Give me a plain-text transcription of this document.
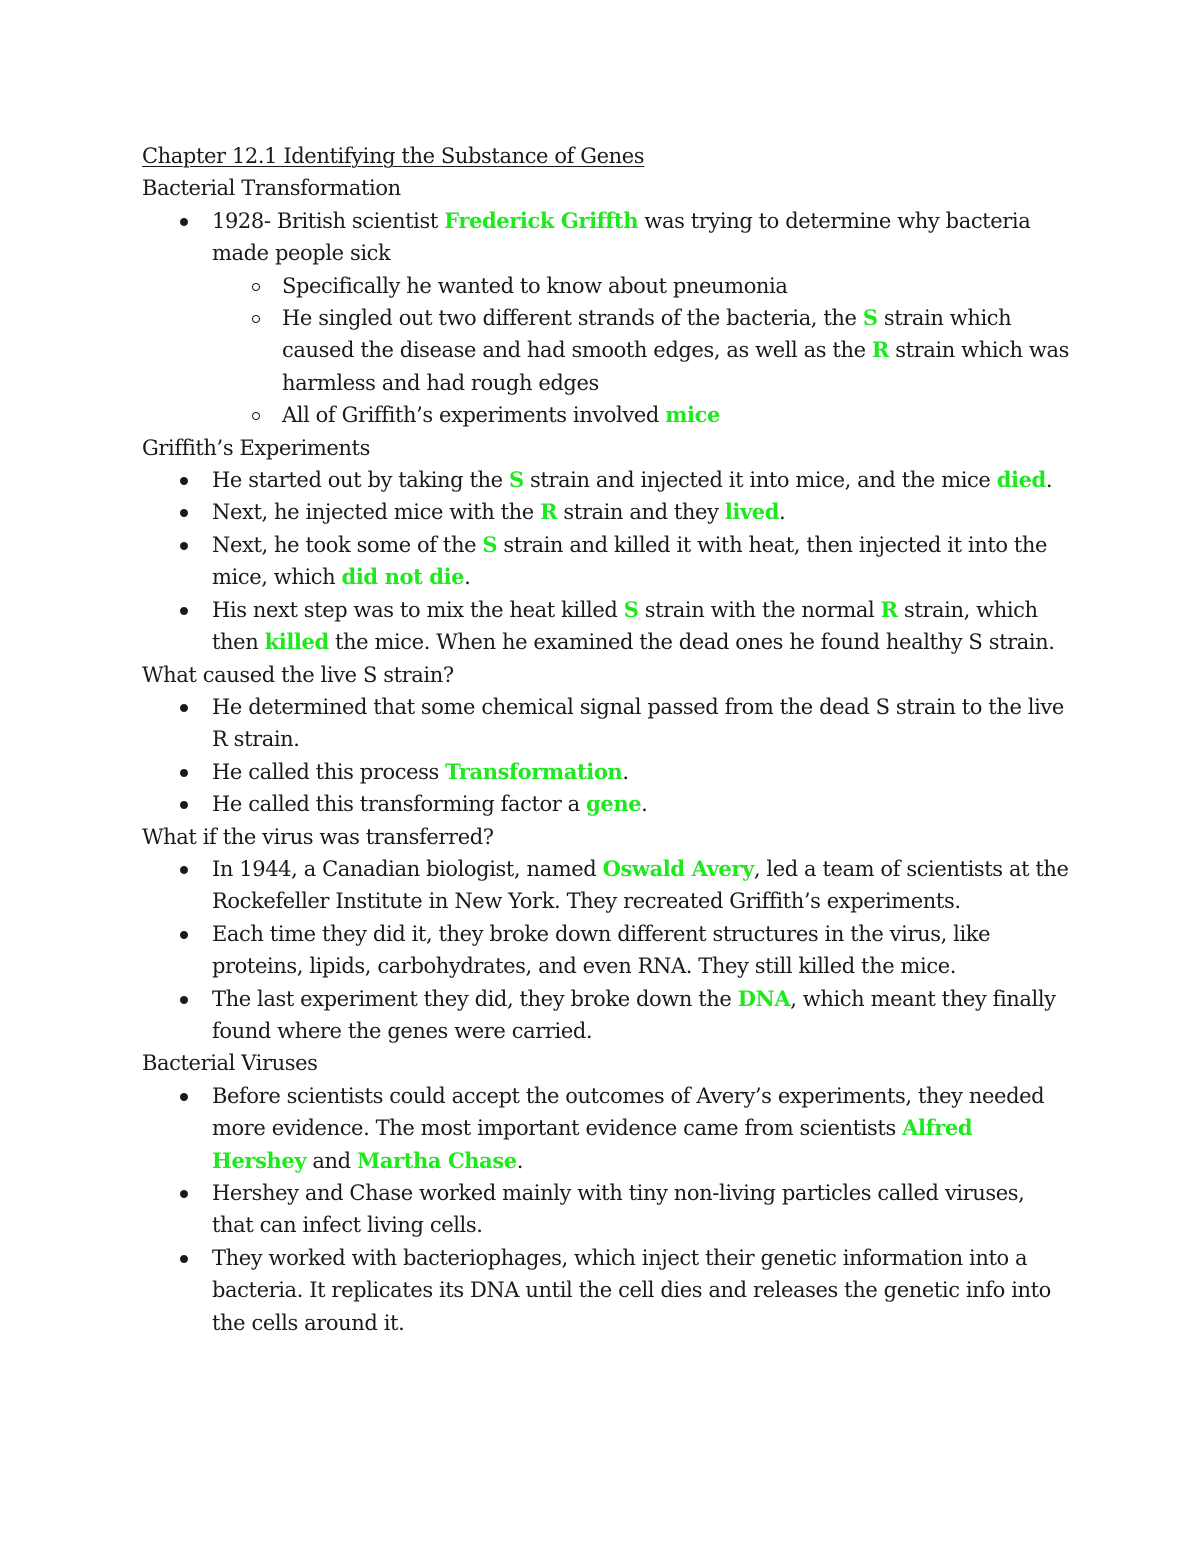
Chapter 12.1 Identifying the Substance of Genes
Bacterial Transformation
1928- British scientist Frederick Griffth was trying to determine why bacteria made people sick
Specifically he wanted to know about pneumonia
He singled out two different strands of the bacteria, the S strain which caused the disease and had smooth edges, as well as the R strain which was harmless and had rough edges
All of Griffith’s experiments involved mice
Griffith’s Experiments
He started out by taking the S strain and injected it into mice, and the mice died.
Next, he injected mice with the R strain and they lived.
Next, he took some of the S strain and killed it with heat, then injected it into the mice, which did not die.
His next step was to mix the heat killed S strain with the normal R strain, which then killed the mice. When he examined the dead ones he found healthy S strain.
What caused the live S strain?
He determined that some chemical signal passed from the dead S strain to the live R strain.
He called this process Transformation.
He called this transforming factor a gene.
What if the virus was transferred?
In 1944, a Canadian biologist, named Oswald Avery, led a team of scientists at the Rockefeller Institute in New York. They recreated Griffith’s experiments.
Each time they did it, they broke down different structures in the virus, like proteins, lipids, carbohydrates, and even RNA. They still killed the mice.
The last experiment they did, they broke down the DNA, which meant they finally found where the genes were carried.
Bacterial Viruses
Before scientists could accept the outcomes of Avery’s experiments, they needed more evidence. The most important evidence came from scientists Alfred Hershey and Martha Chase.
Hershey and Chase worked mainly with tiny non-living particles called viruses, that can infect living cells.
They worked with bacteriophages, which inject their genetic information into a bacteria. It replicates its DNA until the cell dies and releases the genetic info into the cells around it.
